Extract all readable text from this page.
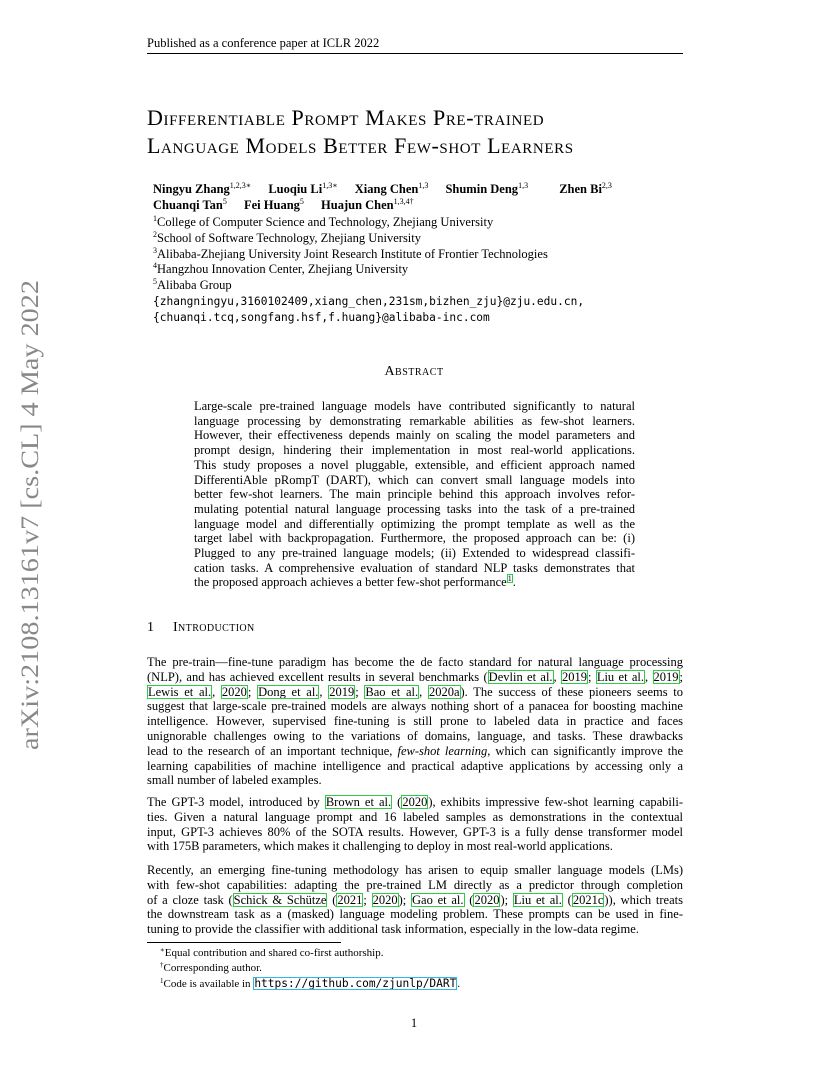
Published as a conference paper at ICLR 2022
arXiv:2108.13161v7 [cs.CL] 4 May 2022
Differentiable Prompt Makes Pre-trained
Language Models Better Few-shot Learners
Ningyu Zhang$^{1,2,3∗}$ Luoqiu $Li^{1,3∗}$ Xiang Chen$^{1,3}$ Shumin Deng$^{1,3}$ Zhen Bi$^{2,3}$
Chuanqi Tan$^5$ Fei Huang$^5$ Huajun Chen$^{1,3,4\dagger}$
$^1$College of Computer Science and Technology, Zhejiang University
$^2$School of Software Technology, Zhejiang University
$^3$Alibaba-Zhejiang University Joint Research Institute of Frontier Technologies
$^4$Hangzhou Innovation Center, Zhejiang University
$^5$Alibaba Group
{zhangningyu,3160102409,xiang_chen,231sm,bizhen_zju}@zju.edu.cn,
{chuanqi.tcq,songfang.hsf,f.huang}@alibaba-inc.com
Abstract
Large-scale pre-trained language models have contributed significantly to natural
language processing by demonstrating remarkable abilities as few-shot learners.
However, their effectiveness depends mainly on scaling the model parameters and
prompt design, hindering their implementation in most real-world applications.
This study proposes a novel pluggable, extensible, and efficient approach named
DifferentiAble pRompT (DART), which can convert small language models into
better few-shot learners. The main principle behind this approach involves refor-
mulating potential natural language processing tasks into the task of a pre-trained
language model and differentially optimizing the prompt template as well as the
target label with backpropagation. Furthermore, the proposed approach can be: (i)
Plugged to any pre-trained language models; (ii) Extended to widespread classifi-
cation tasks. A comprehensive evaluation of standard NLP tasks demonstrates that
the proposed approach achieves a better few-shot performance$^1$.
1 Introduction
The pre-train—fine-tune paradigm has become the de facto standard for natural language processing
(NLP), and has achieved excellent results in several benchmarks (Devlin et al., 2019; Liu et al., 2019;
Lewis et al., 2020; Dong et al., 2019; Bao et al., 2020a). The success of these pioneers seems to
suggest that large-scale pre-trained models are always nothing short of a panacea for boosting machine
intelligence. However, supervised fine-tuning is still prone to labeled data in practice and faces
unignorable challenges owing to the variations of domains, language, and tasks. These drawbacks
lead to the research of an important technique, few-shot learning, which can significantly improve the
learning capabilities of machine intelligence and practical adaptive applications by accessing only a
small number of labeled examples.
The GPT-3 model, introduced by Brown et al. (2020), exhibits impressive few-shot learning capabili-
ties. Given a natural language prompt and 16 labeled samples as demonstrations in the contextual
input, GPT-3 achieves 80% of the SOTA results. However, GPT-3 is a fully dense transformer model
with 175B parameters, which makes it challenging to deploy in most real-world applications.
Recently, an emerging fine-tuning methodology has arisen to equip smaller language models (LMs)
with few-shot capabilities: adapting the pre-trained LM directly as a predictor through completion
of a cloze task (Schick & Schütze (2021; 2020); Gao et al. (2020); Liu et al. (2021c)), which treats
the downstream task as a (masked) language modeling problem. These prompts can be used in fine-
tuning to provide the classifier with additional task information, especially in the low-data regime.
∗Equal contribution and shared co-first authorship.
†Corresponding author.
$^1$Code is available in https://github.com/zjunlp/DART.
1
